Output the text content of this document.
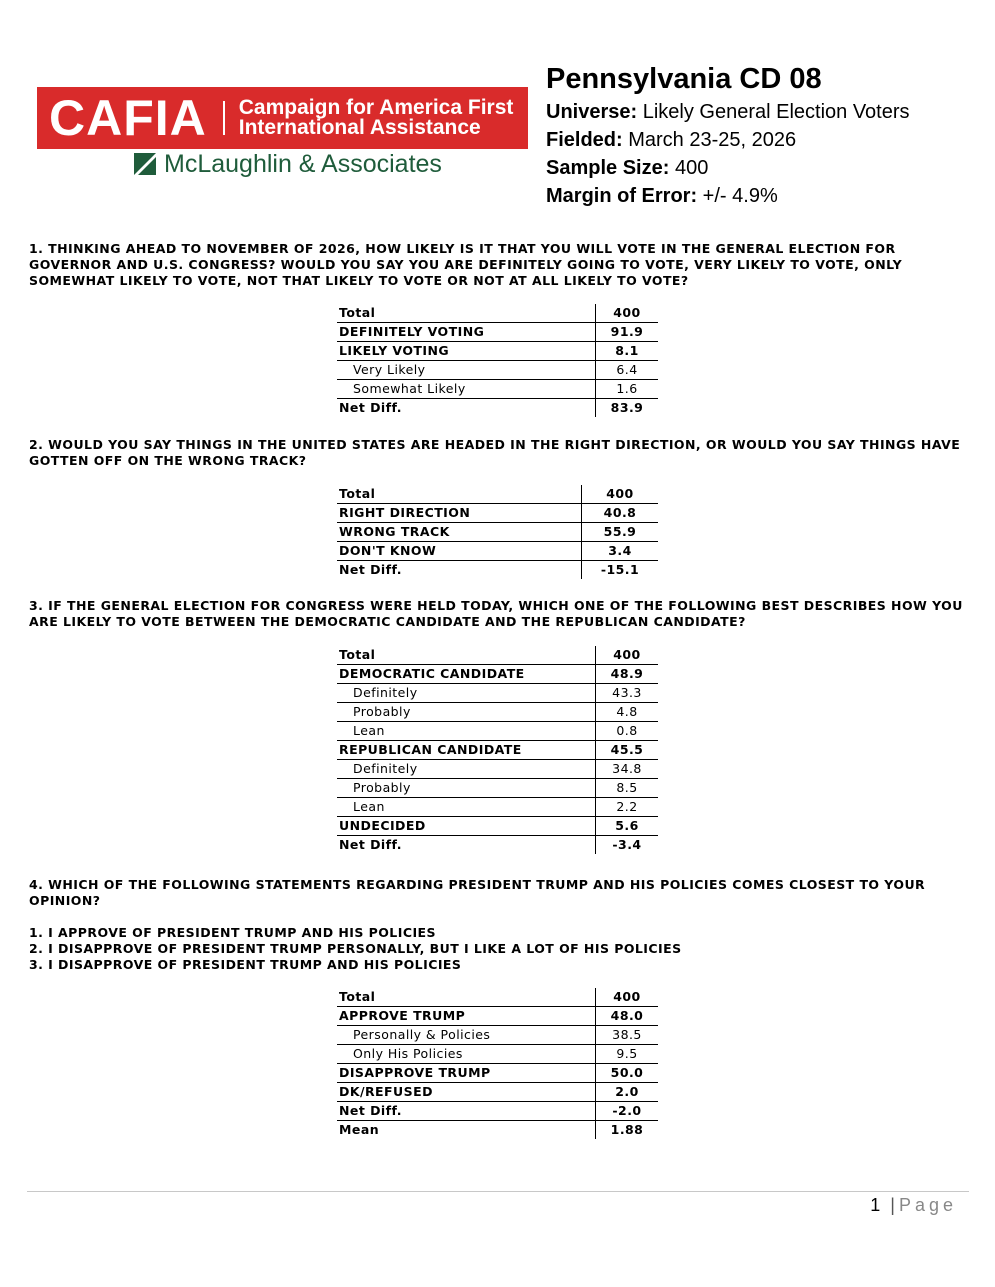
CAFIA Campaign for America First
International Assistance
McLaughlin & Associates
Pennsylvania CD 08
Universe: Likely General Election Voters
Fielded: March 23-25, 2026
Sample Size: 400
Margin of Error: +/- 4.9%
1. THINKING AHEAD TO NOVEMBER OF 2026, HOW LIKELY IS IT THAT YOU WILL VOTE IN THE GENERAL ELECTION FOR GOVERNOR AND U.S. CONGRESS? WOULD YOU SAY YOU ARE DEFINITELY GOING TO VOTE, VERY LIKELY TO VOTE, ONLY SOMEWHAT LIKELY TO VOTE, NOT THAT LIKELY TO VOTE OR NOT AT ALL LIKELY TO VOTE?
Total	400
DEFINITELY VOTING	91.9
LIKELY VOTING	8.1
Very Likely	6.4
Somewhat Likely	1.6
Net Diff.	83.9
2. WOULD YOU SAY THINGS IN THE UNITED STATES ARE HEADED IN THE RIGHT DIRECTION, OR WOULD YOU SAY THINGS HAVE GOTTEN OFF ON THE WRONG TRACK?
Total	400
RIGHT DIRECTION	40.8
WRONG TRACK	55.9
DON'T KNOW	3.4
Net Diff.	-15.1
3. IF THE GENERAL ELECTION FOR CONGRESS WERE HELD TODAY, WHICH ONE OF THE FOLLOWING BEST DESCRIBES HOW YOU ARE LIKELY TO VOTE BETWEEN THE DEMOCRATIC CANDIDATE AND THE REPUBLICAN CANDIDATE?
Total	400
DEMOCRATIC CANDIDATE	48.9
Definitely	43.3
Probably	4.8
Lean	0.8
REPUBLICAN CANDIDATE	45.5
Definitely	34.8
Probably	8.5
Lean	2.2
UNDECIDED	5.6
Net Diff.	-3.4
4. WHICH OF THE FOLLOWING STATEMENTS REGARDING PRESIDENT TRUMP AND HIS POLICIES COMES CLOSEST TO YOUR OPINION?
1. I APPROVE OF PRESIDENT TRUMP AND HIS POLICIES
2. I DISAPPROVE OF PRESIDENT TRUMP PERSONALLY, BUT I LIKE A LOT OF HIS POLICIES
3. I DISAPPROVE OF PRESIDENT TRUMP AND HIS POLICIES
Total	400
APPROVE TRUMP	48.0
Personally & Policies	38.5
Only His Policies	9.5
DISAPPROVE TRUMP	50.0
DK/REFUSED	2.0
Net Diff.	-2.0
Mean	1.88
1 | Page
